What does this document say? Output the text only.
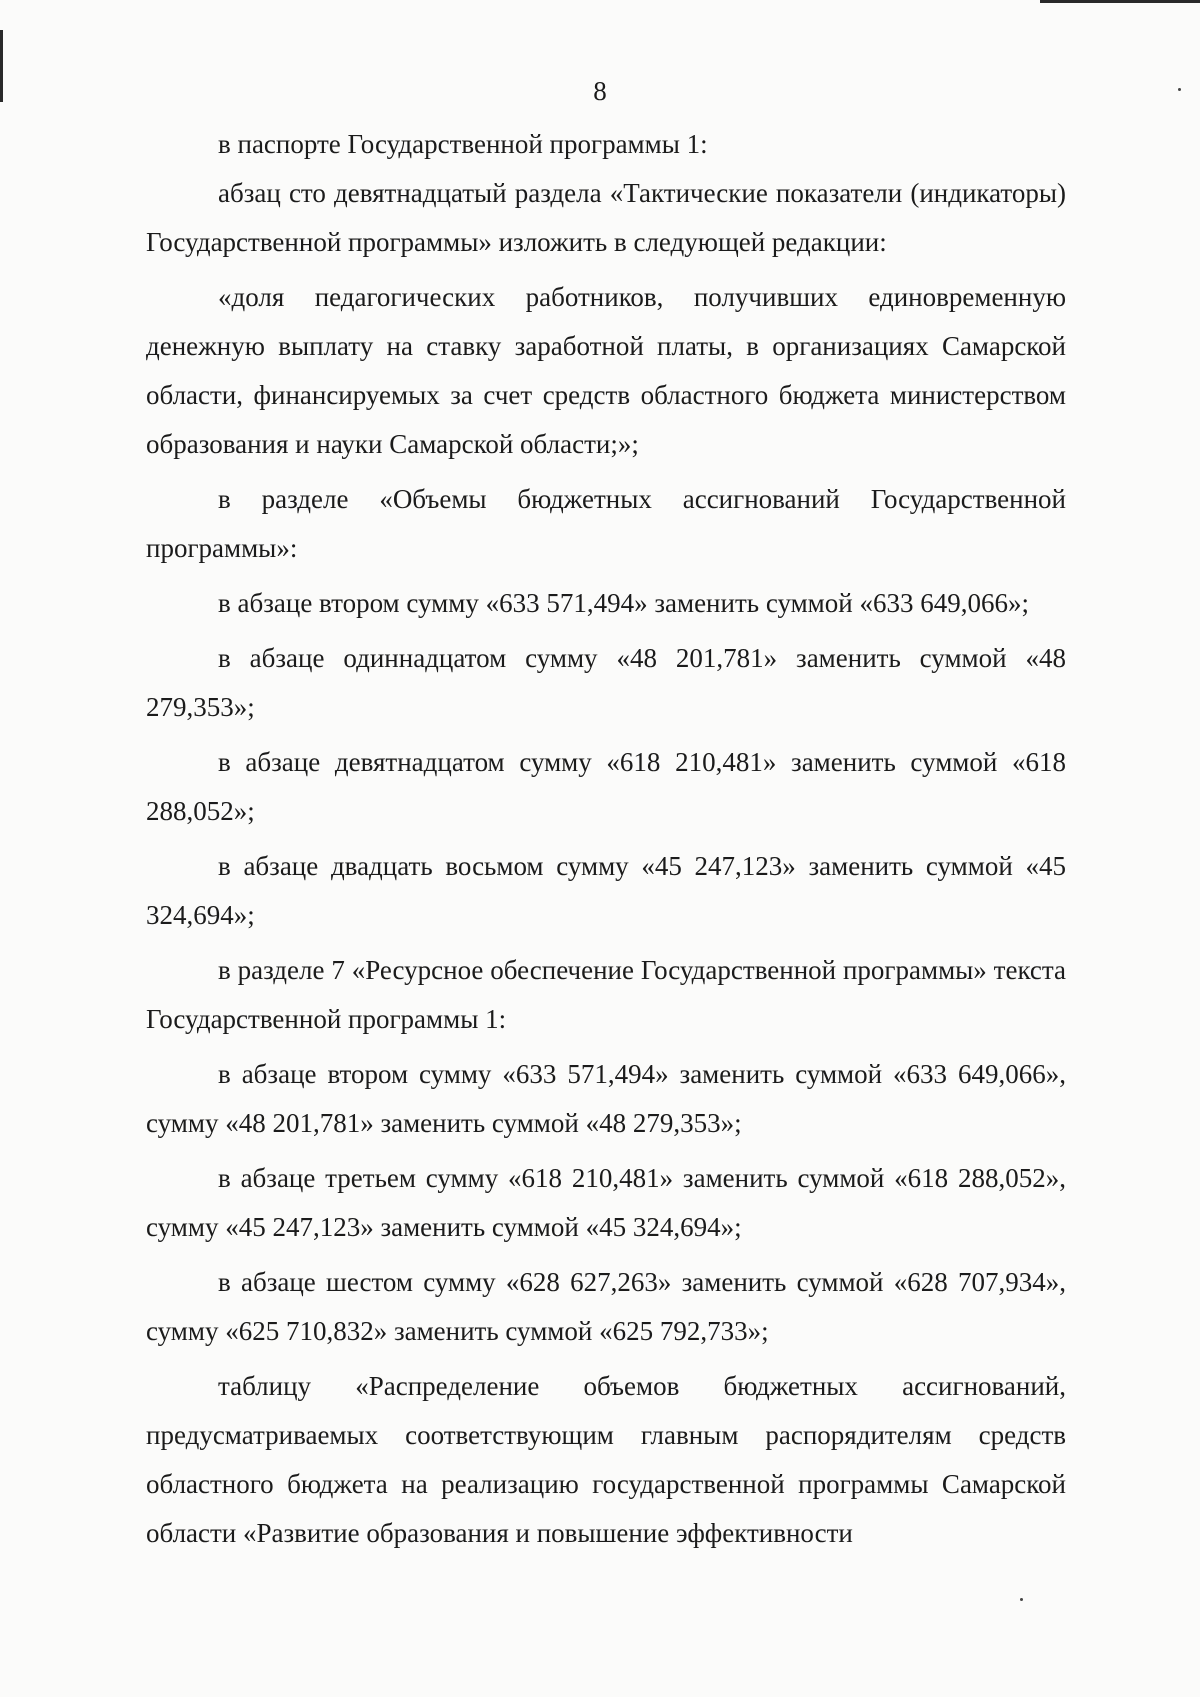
8

в паспорте Государственной программы 1:

абзац сто девятнадцатый раздела «Тактические показатели (индикаторы) Государственной программы» изложить в следующей редакции:

«доля педагогических работников, получивших единовременную денежную выплату на ставку заработной платы, в организациях Самарской области, финансируемых за счет средств областного бюджета министерством образования и науки Самарской области;»;

в разделе «Объемы бюджетных ассигнований Государственной программы»:

в абзаце втором сумму «633 571,494» заменить суммой «633 649,066»;

в абзаце одиннадцатом сумму «48 201,781» заменить суммой «48 279,353»;

в абзаце девятнадцатом сумму «618 210,481» заменить суммой «618 288,052»;

в абзаце двадцать восьмом сумму «45 247,123» заменить суммой «45 324,694»;

в разделе 7 «Ресурсное обеспечение Государственной программы» текста Государственной программы 1:

в абзаце втором сумму «633 571,494» заменить суммой «633 649,066», сумму «48 201,781» заменить суммой «48 279,353»;

в абзаце третьем сумму «618 210,481» заменить суммой «618 288,052», сумму «45 247,123» заменить суммой «45 324,694»;

в абзаце шестом сумму «628 627,263» заменить суммой «628 707,934», сумму «625 710,832» заменить суммой «625 792,733»;

таблицу «Распределение объемов бюджетных ассигнований, предусматриваемых соответствующим главным распорядителям средств областного бюджета на реализацию государственной программы Самарской области «Развитие образования и повышение эффективности
